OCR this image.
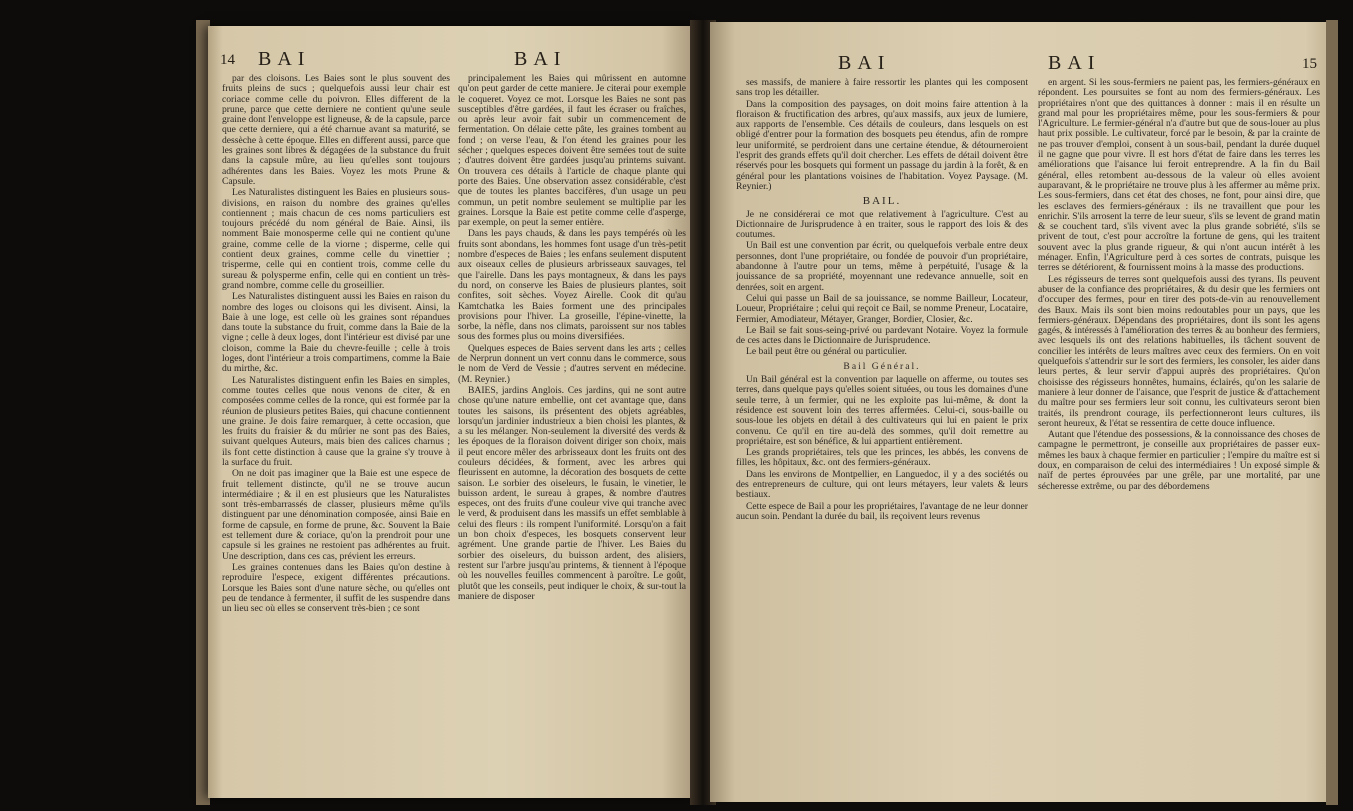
14 BAI	BAI

par des cloisons. Les Baies sont le plus souvent des fruits pleins de sucs ; quelquefois aussi leur chair est coriace comme celle du poivron. Elles different de la prune, parce que cette derniere ne contient qu'une seule graine dont l'enveloppe est ligneuse, & de la capsule, parce que cette derniere, qui a été charnue avant sa maturité, se dessèche à cette époque. Elles en different aussi, parce que les graines sont libres & dégagées de la substance du fruit dans la capsule mûre, au lieu qu'elles sont toujours adhérentes dans les Baies. Voyez les mots Prune & Capsule.

Les Naturalistes distinguent les Baies en plusieurs sous-divisions, en raison du nombre des graines qu'elles contiennent ; mais chacun de ces noms particuliers est toujours précédé du nom général de Baie. Ainsi, ils nomment Baie monosperme celle qui ne contient qu'une graine, comme celle de la viorne ; disperme, celle qui contient deux graines, comme celle du vinettier ; trisperme, celle qui en contient trois, comme celle du sureau & polysperme enfin, celle qui en contient un très-grand nombre, comme celle du groseillier.

Les Naturalistes distinguent aussi les Baies en raison du nombre des loges ou cloisons qui les divisent. Ainsi, la Baie à une loge, est celle où les graines sont répandues dans toute la substance du fruit, comme dans la Baie de la vigne ; celle à deux loges, dont l'intérieur est divisé par une cloison, comme la Baie du chevre-feuille ; celle à trois loges, dont l'intérieur a trois compartimens, comme la Baie du mirthe, &c.

Les Naturalistes distinguent enfin les Baies en simples, comme toutes celles que nous venons de citer, & en composées comme celles de la ronce, qui est formée par la réunion de plusieurs petites Baies, qui chacune contiennent une graine. Je dois faire remarquer, à cette occasion, que les fruits du fraisier & du mûrier ne sont pas des Baies, suivant quelques Auteurs, mais bien des calices charnus ; ils font cette distinction à cause que la graine s'y trouve à la surface du fruit.

On ne doit pas imaginer que la Baie est une espece de fruit tellement distincte, qu'il ne se trouve aucun intermédiaire ; & il en est plusieurs que les Naturalistes sont très-embarrassés de classer, plusieurs même qu'ils distinguent par une dénomination composée, ainsi Baie en forme de capsule, en forme de prune, &c. Souvent la Baie est tellement dure & coriace, qu'on la prendroit pour une capsule si les graines ne restoient pas adhérentes au fruit. Une description, dans ces cas, prévient les erreurs.

Les graines contenues dans les Baies qu'on destine à reproduire l'espece, exigent différentes précautions. Lorsque les Baies sont d'une nature sèche, ou qu'elles ont peu de tendance à fermenter, il suffit de les suspendre dans un lieu sec où elles se conservent très-bien ; ce sont

principalement les Baies qui mûrissent en automne qu'on peut garder de cette maniere. Je citerai pour exemple le coqueret. Voyez ce mot. Lorsque les Baies ne sont pas susceptibles d'être gardées, il faut les écraser ou fraîches, ou après leur avoir fait subir un commencement de fermentation. On délaie cette pâte, les graines tombent au fond ; on verse l'eau, & l'on étend les graines pour les sécher ; quelques especes doivent être semées tout de suite ; d'autres doivent être gardées jusqu'au printems suivant. On trouvera ces détails à l'article de chaque plante qui porte des Baies. Une observation assez considérable, c'est que de toutes les plantes baccifères, d'un usage un peu commun, un petit nombre seulement se multiplie par les graines. Lorsque la Baie est petite comme celle d'asperge, par exemple, on peut la semer entière.

Dans les pays chauds, & dans les pays tempérés où les fruits sont abondans, les hommes font usage d'un très-petit nombre d'especes de Baies ; les enfans seulement disputent aux oiseaux celles de plusieurs arbrisseaux sauvages, tel que l'airelle. Dans les pays montagneux, & dans les pays du nord, on conserve les Baies de plusieurs plantes, soit confites, soit sèches. Voyez Airelle. Cook dit qu'au Kamtchatka les Baies forment une des principales provisions pour l'hiver. La groseille, l'épine-vinette, la sorbe, la nèfle, dans nos climats, paroissent sur nos tables sous des formes plus ou moins diversifiées.

Quelques especes de Baies servent dans les arts ; celles de Nerprun donnent un vert connu dans le commerce, sous le nom de Verd de Vessie ; d'autres servent en médecine. (M. Reynier.)

BAIES, jardins Anglois. Ces jardins, qui ne sont autre chose qu'une nature embellie, ont cet avantage que, dans toutes les saisons, ils présentent des objets agréables, lorsqu'un jardinier industrieux a bien choisi les plantes, & a su les mélanger. Non-seulement la diversité des verds & les époques de la floraison doivent diriger son choix, mais il peut encore mêler des arbrisseaux dont les fruits ont des couleurs décidées, & forment, avec les arbres qui fleurissent en automne, la décoration des bosquets de cette saison. Le sorbier des oiseleurs, le fusain, le vinetier, le buisson ardent, le sureau à grapes, & nombre d'autres especes, ont des fruits d'une couleur vive qui tranche avec le verd, & produisent dans les massifs un effet semblable à celui des fleurs : ils rompent l'uniformité. Lorsqu'on a fait un bon choix d'especes, les bosquets conservent leur agrément. Une grande partie de l'hiver. Les Baies du sorbier des oiseleurs, du buisson ardent, des alisiers, restent sur l'arbre jusqu'au printems, & tiennent à l'époque où les nouvelles feuilles commencent à paroître. Le goût, plutôt que les conseils, peut indiquer le choix, & sur-tout la maniere de disposer

BAI	BAI	15

ses massifs, de maniere à faire ressortir les plantes qui les composent sans trop les détailler.

Dans la composition des paysages, on doit moins faire attention à la floraison & fructification des arbres, qu'aux massifs, aux jeux de lumiere, aux rapports de l'ensemble. Ces détails de couleurs, dans lesquels on est obligé d'entrer pour la formation des bosquets peu étendus, afin de rompre leur uniformité, se perdroient dans une certaine étendue, & détourneroient l'esprit des grands effets qu'il doit chercher. Les effets de détail doivent être réservés pour les bosquets qui forment un passage du jardin à la forêt, & en général pour les plantations voisines de l'habitation. Voyez Paysage. (M. Reynier.)

BAIL.

Je ne considérerai ce mot que relativement à l'agriculture. C'est au Dictionnaire de Jurisprudence à en traiter, sous le rapport des lois & des coutumes.

Un Bail est une convention par écrit, ou quelquefois verbale entre deux personnes, dont l'une propriétaire, ou fondée de pouvoir d'un propriétaire, abandonne à l'autre pour un tems, même à perpétuité, l'usage & la jouissance de sa propriété, moyennant une redevance annuelle, soit en denrées, soit en argent.

Celui qui passe un Bail de sa jouissance, se nomme Bailleur, Locateur, Loueur, Propriétaire ; celui qui reçoit ce Bail, se nomme Preneur, Locataire, Fermier, Amodiateur, Métayer, Granger, Bordier, Closier, &c.

Le Bail se fait sous-seing-privé ou pardevant Notaire. Voyez la formule de ces actes dans le Dictionnaire de Jurisprudence.

Le bail peut être ou général ou particulier.

Bail Général.

Un Bail général est la convention par laquelle on afferme, ou toutes ses terres, dans quelque pays qu'elles soient situées, ou tous les domaines d'une seule terre, à un fermier, qui ne les exploite pas lui-même, & dont la résidence est souvent loin des terres affermées. Celui-ci, sous-baille ou sous-loue les objets en détail à des cultivateurs qui lui en paient le prix convenu. Ce qu'il en tire au-delà des sommes, qu'il doit remettre au propriétaire, est son bénéfice, & lui appartient entièrement.

Les grands propriétaires, tels que les princes, les abbés, les convens de filles, les hôpitaux, &c. ont des fermiers-généraux.

Dans les environs de Montpellier, en Languedoc, il y a des sociétés ou des entrepreneurs de culture, qui ont leurs métayers, leur valets & leurs bestiaux.

Cette espece de Bail a pour les propriétaires, l'avantage de ne leur donner aucun soin. Pendant la durée du bail, ils reçoivent leurs revenus

en argent. Si les sous-fermiers ne paient pas, les fermiers-généraux en répondent. Les poursuites se font au nom des fermiers-généraux. Les propriétaires n'ont que des quittances à donner : mais il en résulte un grand mal pour les propriétaires même, pour les sous-fermiers & pour l'Agriculture. Le fermier-général n'a d'autre but que de sous-louer au plus haut prix possible. Le cultivateur, forcé par le besoin, & par la crainte de ne pas trouver d'emploi, consent à un sous-bail, pendant la durée duquel il ne gagne que pour vivre. Il est hors d'état de faire dans les terres les améliorations que l'aisance lui feroit entreprendre. A la fin du Bail général, elles retombent au-dessous de la valeur où elles avoient auparavant, & le propriétaire ne trouve plus à les affermer au même prix. Les sous-fermiers, dans cet état des choses, ne font, pour ainsi dire, que les esclaves des fermiers-généraux : ils ne travaillent que pour les enrichir. S'ils arrosent la terre de leur sueur, s'ils se levent de grand matin & se couchent tard, s'ils vivent avec la plus grande sobriété, s'ils se privent de tout, c'est pour accroître la fortune de gens, qui les traitent souvent avec la plus grande rigueur, & qui n'ont aucun intérêt à les ménager. Enfin, l'Agriculture perd à ces sortes de contrats, puisque les terres se détériorent, & fournissent moins à la masse des productions.

Les régisseurs de terres sont quelquefois aussi des tyrans. Ils peuvent abuser de la confiance des propriétaires, & du desir que les fermiers ont d'occuper des fermes, pour en tirer des pots-de-vin au renouvellement des Baux. Mais ils sont bien moins redoutables pour un pays, que les fermiers-généraux. Dépendans des propriétaires, dont ils sont les agens gagés, & intéressés à l'amélioration des terres & au bonheur des fermiers, avec lesquels ils ont des relations habituelles, ils tâchent souvent de concilier les intérêts de leurs maîtres avec ceux des fermiers. On en voit quelquefois s'attendrir sur le sort des fermiers, les consoler, les aider dans leurs pertes, & leur servir d'appui auprès des propriétaires. Qu'on choisisse des régisseurs honnêtes, humains, éclairés, qu'on les salarie de maniere à leur donner de l'aisance, que l'esprit de justice & d'attachement du maître pour ses fermiers leur soit connu, les cultivateurs seront bien traités, ils prendront courage, ils perfectionneront leurs cultures, ils seront heureux, & l'état se ressentira de cette douce influence.

Autant que l'étendue des possessions, & la connoissance des choses de campagne le permettront, je conseille aux propriétaires de passer eux-mêmes les baux à chaque fermier en particulier ; l'empire du maître est si doux, en comparaison de celui des intermédiaires ! Un exposé simple & naïf de pertes éprouvées par une grêle, par une mortalité, par une sécheresse extrême, ou par des débordemens
